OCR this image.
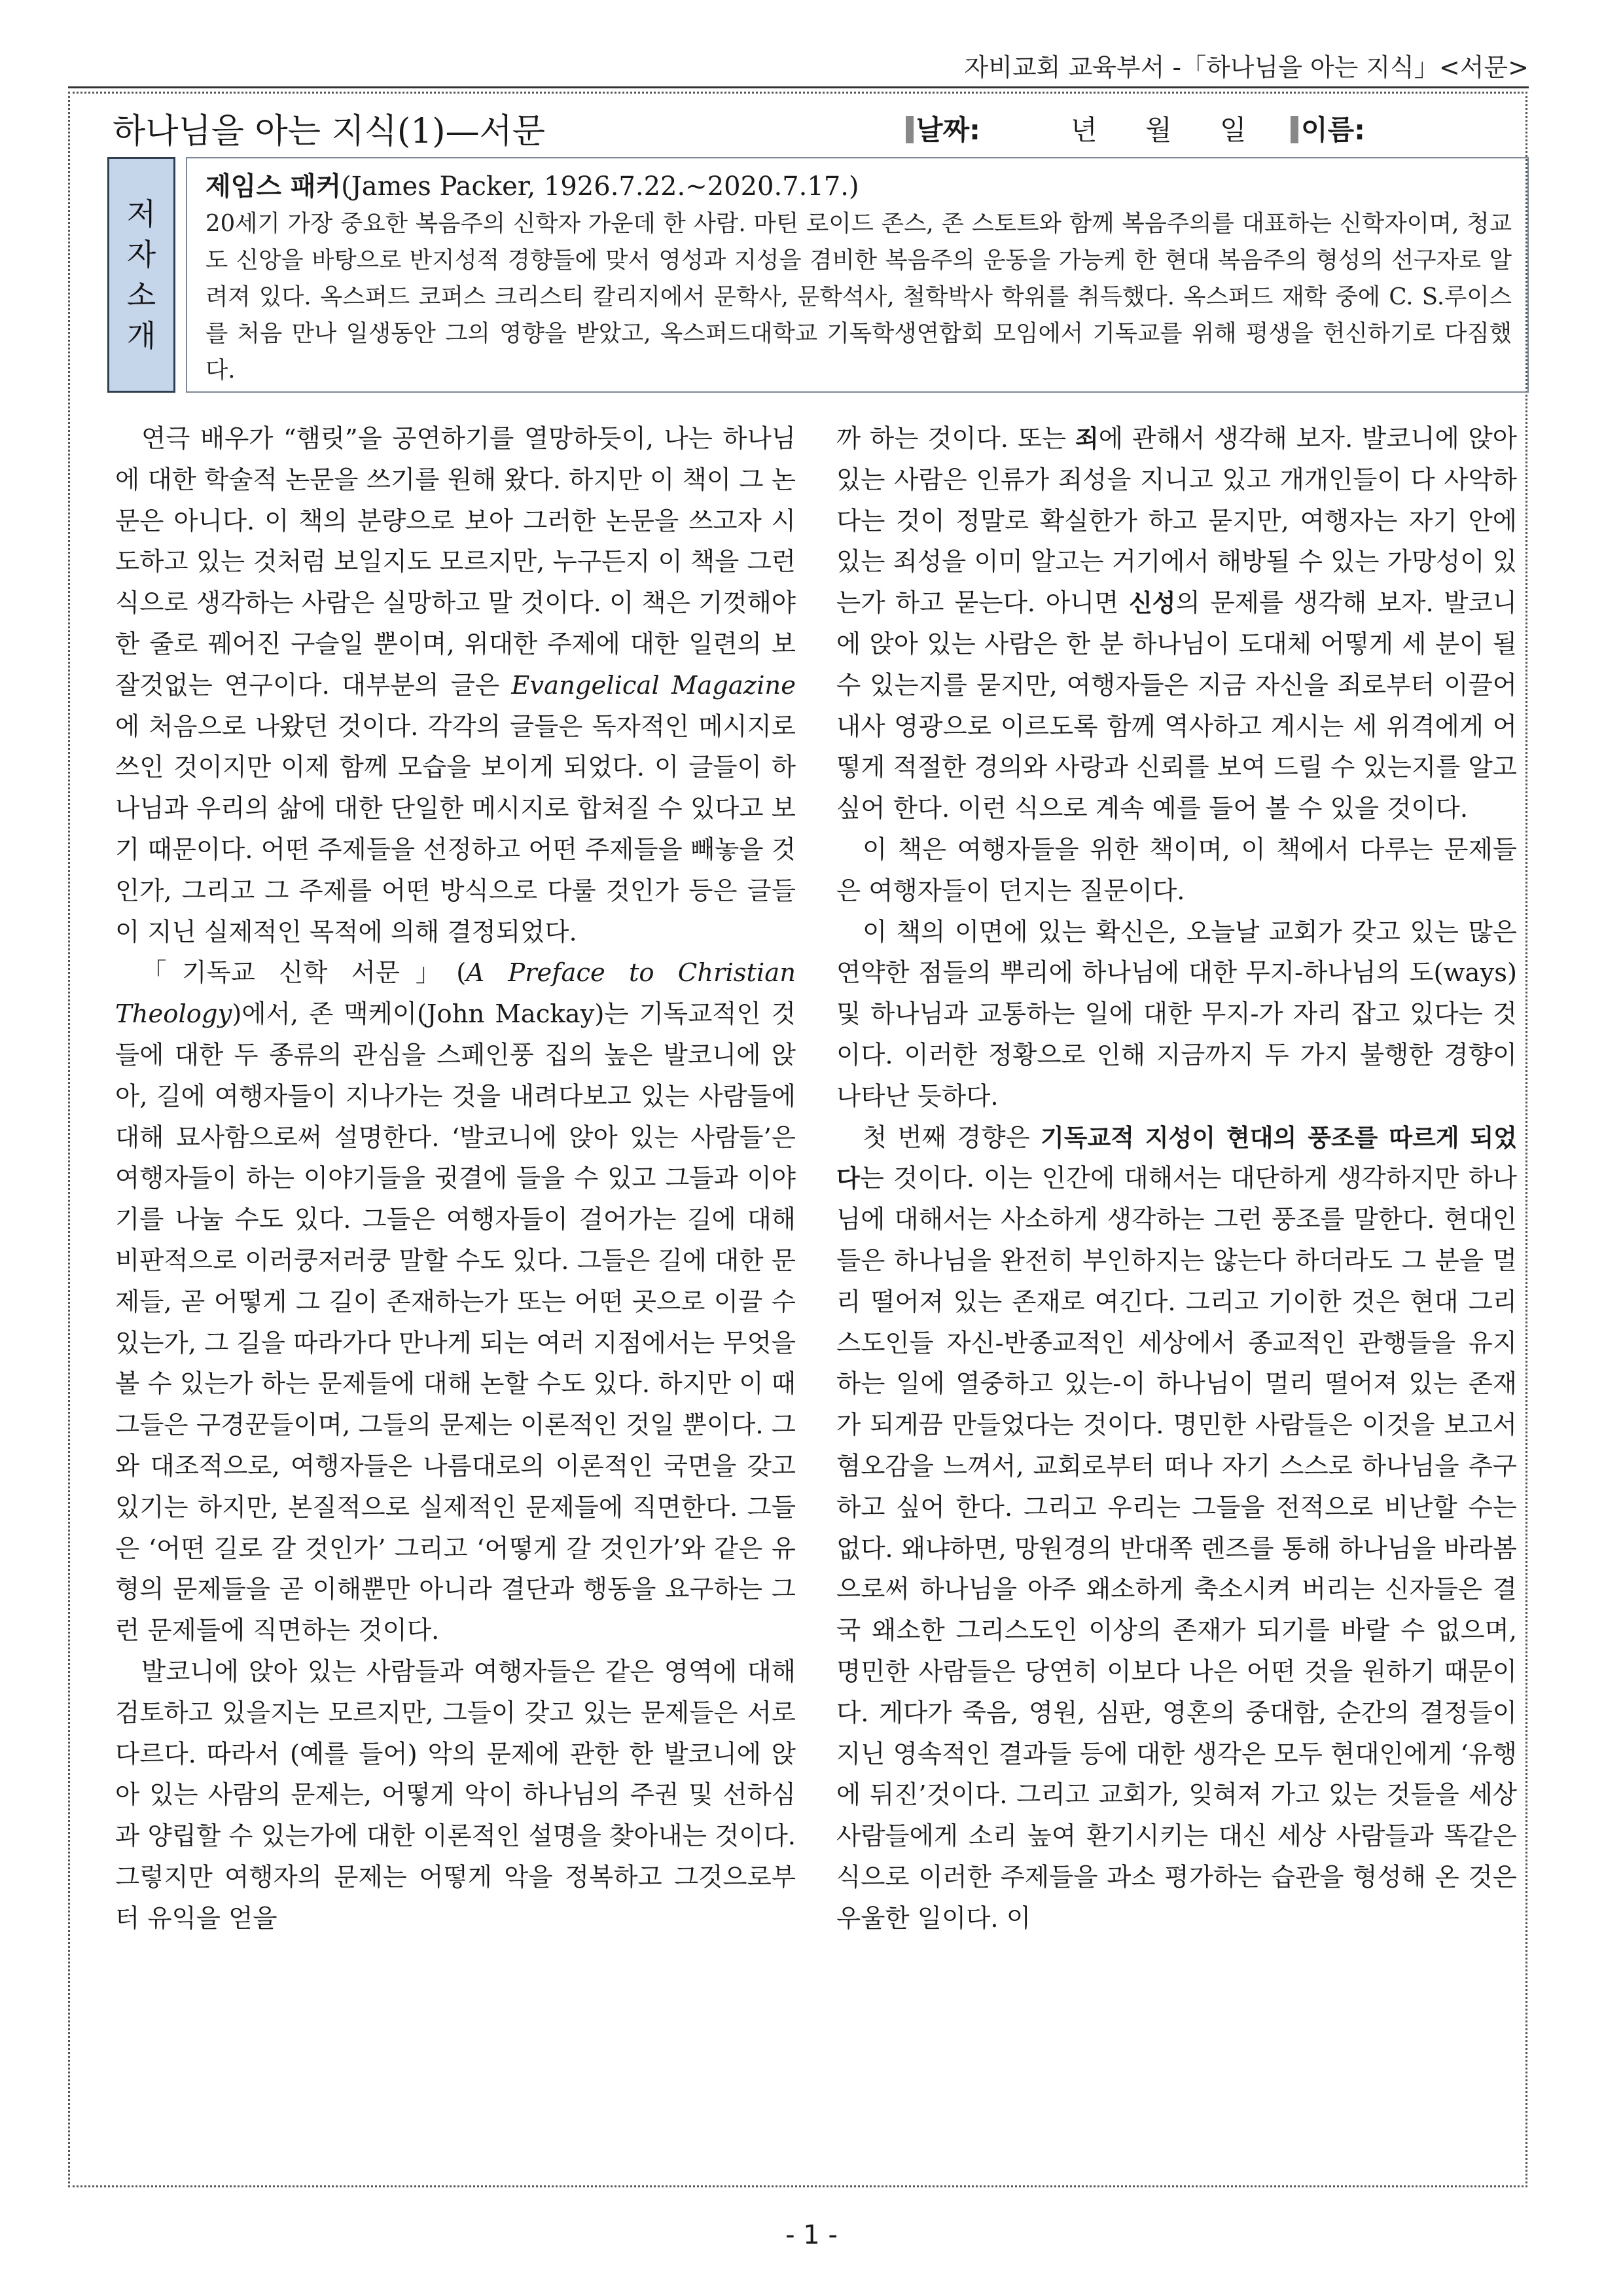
자비교회 교육부서 -「하나님을 아는 지식」<서문>
하나님을 아는 지식(1)—서문	날짜:	년 월 일	이름:
저
자
소
개
제임스 패커(James Packer, 1926.7.22.~2020.7.17.)
20세기 가장 중요한 복음주의 신학자 가운데 한 사람. 마틴 로이드 존스, 존 스토트와 함께 복음주의를 대표하는 신학자이며, 청교도 신앙을 바탕으로 반지성적 경향들에 맞서 영성과 지성을 겸비한 복음주의 운동을 가능케 한 현대 복음주의 형성의 선구자로 알려져 있다. 옥스퍼드 코퍼스 크리스티 칼리지에서 문학사, 문학석사, 철학박사 학위를 취득했다. 옥스퍼드 재학 중에 C. S.루이스를 처음 만나 일생동안 그의 영향을 받았고, 옥스퍼드대학교 기독학생연합회 모임에서 기독교를 위해 평생을 헌신하기로 다짐했다.

연극 배우가 “햄릿”을 공연하기를 열망하듯이, 나는 하나님에 대한 학술적 논문을 쓰기를 원해 왔다. 하지만 이 책이 그 논문은 아니다. 이 책의 분량으로 보아 그러한 논문을 쓰고자 시도하고 있는 것처럼 보일지도 모르지만, 누구든지 이 책을 그런 식으로 생각하는 사람은 실망하고 말 것이다. 이 책은 기껏해야 한 줄로 꿰어진 구슬일 뿐이며, 위대한 주제에 대한 일련의 보잘것없는 연구이다. 대부분의 글은 Evangelical Magazine에 처음으로 나왔던 것이다. 각각의 글들은 독자적인 메시지로 쓰인 것이지만 이제 함께 모습을 보이게 되었다. 이 글들이 하나님과 우리의 삶에 대한 단일한 메시지로 합쳐질 수 있다고 보기 때문이다. 어떤 주제들을 선정하고 어떤 주제들을 빼놓을 것인가, 그리고 그 주제를 어떤 방식으로 다룰 것인가 등은 글들이 지닌 실제적인 목적에 의해 결정되었다.

「기독교 신학 서문」(A Preface to Christian Theology)에서, 존 맥케이(John Mackay)는 기독교적인 것들에 대한 두 종류의 관심을 스페인풍 집의 높은 발코니에 앉아, 길에 여행자들이 지나가는 것을 내려다보고 있는 사람들에 대해 묘사함으로써 설명한다. ‘발코니에 앉아 있는 사람들’은 여행자들이 하는 이야기들을 귓결에 들을 수 있고 그들과 이야기를 나눌 수도 있다. 그들은 여행자들이 걸어가는 길에 대해 비판적으로 이러쿵저러쿵 말할 수도 있다. 그들은 길에 대한 문제들, 곧 어떻게 그 길이 존재하는가 또는 어떤 곳으로 이끌 수 있는가, 그 길을 따라가다 만나게 되는 여러 지점에서는 무엇을 볼 수 있는가 하는 문제들에 대해 논할 수도 있다. 하지만 이 때 그들은 구경꾼들이며, 그들의 문제는 이론적인 것일 뿐이다. 그와 대조적으로, 여행자들은 나름대로의 이론적인 국면을 갖고 있기는 하지만, 본질적으로 실제적인 문제들에 직면한다. 그들은 ‘어떤 길로 갈 것인가’ 그리고 ‘어떻게 갈 것인가’와 같은 유형의 문제들을 곧 이해뿐만 아니라 결단과 행동을 요구하는 그런 문제들에 직면하는 것이다.

발코니에 앉아 있는 사람들과 여행자들은 같은 영역에 대해 검토하고 있을지는 모르지만, 그들이 갖고 있는 문제들은 서로 다르다. 따라서 (예를 들어) 악의 문제에 관한 한 발코니에 앉아 있는 사람의 문제는, 어떻게 악이 하나님의 주권 및 선하심과 양립할 수 있는가에 대한 이론적인 설명을 찾아내는 것이다. 그렇지만 여행자의 문제는 어떻게 악을 정복하고 그것으로부터 유익을 얻을

까 하는 것이다. 또는 죄에 관해서 생각해 보자. 발코니에 앉아 있는 사람은 인류가 죄성을 지니고 있고 개개인들이 다 사악하다는 것이 정말로 확실한가 하고 묻지만, 여행자는 자기 안에 있는 죄성을 이미 알고는 거기에서 해방될 수 있는 가망성이 있는가 하고 묻는다. 아니면 신성의 문제를 생각해 보자. 발코니에 앉아 있는 사람은 한 분 하나님이 도대체 어떻게 세 분이 될 수 있는지를 묻지만, 여행자들은 지금 자신을 죄로부터 이끌어 내사 영광으로 이르도록 함께 역사하고 계시는 세 위격에게 어떻게 적절한 경의와 사랑과 신뢰를 보여 드릴 수 있는지를 알고 싶어 한다. 이런 식으로 계속 예를 들어 볼 수 있을 것이다.

이 책은 여행자들을 위한 책이며, 이 책에서 다루는 문제들은 여행자들이 던지는 질문이다.

이 책의 이면에 있는 확신은, 오늘날 교회가 갖고 있는 많은 연약한 점들의 뿌리에 하나님에 대한 무지-하나님의 도(ways) 및 하나님과 교통하는 일에 대한 무지-가 자리 잡고 있다는 것이다. 이러한 정황으로 인해 지금까지 두 가지 불행한 경향이 나타난 듯하다.

첫 번째 경향은 기독교적 지성이 현대의 풍조를 따르게 되었다는 것이다. 이는 인간에 대해서는 대단하게 생각하지만 하나님에 대해서는 사소하게 생각하는 그런 풍조를 말한다. 현대인들은 하나님을 완전히 부인하지는 않는다 하더라도 그 분을 멀리 떨어져 있는 존재로 여긴다. 그리고 기이한 것은 현대 그리스도인들 자신-반종교적인 세상에서 종교적인 관행들을 유지하는 일에 열중하고 있는-이 하나님이 멀리 떨어져 있는 존재가 되게끔 만들었다는 것이다. 명민한 사람들은 이것을 보고서 혐오감을 느껴서, 교회로부터 떠나 자기 스스로 하나님을 추구하고 싶어 한다. 그리고 우리는 그들을 전적으로 비난할 수는 없다. 왜냐하면, 망원경의 반대쪽 렌즈를 통해 하나님을 바라봄으로써 하나님을 아주 왜소하게 축소시켜 버리는 신자들은 결국 왜소한 그리스도인 이상의 존재가 되기를 바랄 수 없으며, 명민한 사람들은 당연히 이보다 나은 어떤 것을 원하기 때문이다. 게다가 죽음, 영원, 심판, 영혼의 중대함, 순간의 결정들이 지닌 영속적인 결과들 등에 대한 생각은 모두 현대인에게 ‘유행에 뒤진’것이다. 그리고 교회가, 잊혀져 가고 있는 것들을 세상 사람들에게 소리 높여 환기시키는 대신 세상 사람들과 똑같은 식으로 이러한 주제들을 과소 평가하는 습관을 형성해 온 것은 우울한 일이다. 이

- 1 -
